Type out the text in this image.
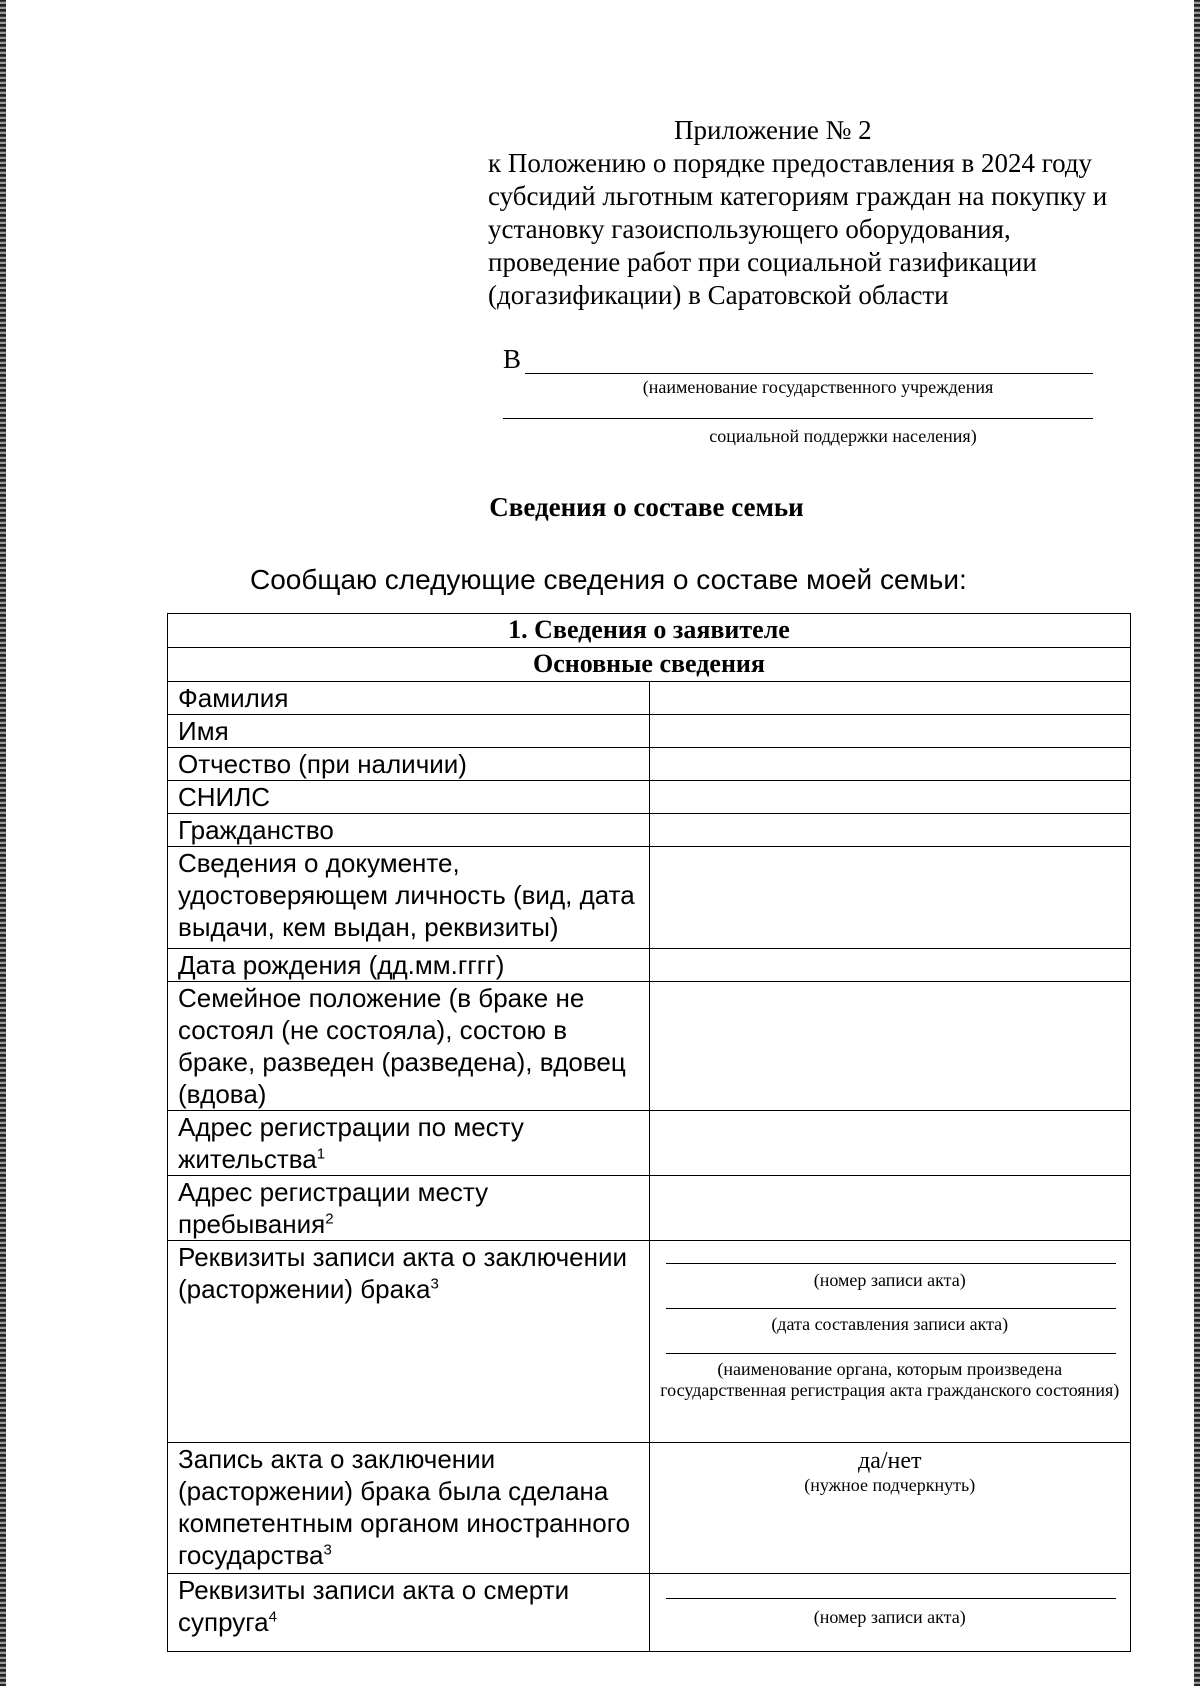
Приложение № 2

к Положению о порядке предоставления в 2024 году субсидий льготным категориям граждан на покупку и установку газоиспользующего оборудования, проведение работ при социальной газификации (догазификации) в Саратовской области

В
(наименование государственного учреждения
социальной поддержки населения)
Сведения о составе семьи
Сообщаю следующие сведения о составе моей семьи:
1. Сведения о заявителе	
Основные сведения	
Фамилия	
Имя	
Отчество (при наличии)	
СНИЛС	
Гражданство	
Сведения о документе, удостоверяющем личность (вид, дата выдачи, кем выдан, реквизиты)	
Дата рождения (дд.мм.гггг)	
Семейное положение (в браке не состоял (не состояла), состою в браке, разведен (разведена), вдовец (вдова)	
Адрес регистрации по месту жительства$^1$	
Адрес регистрации месту пребывания$^2$	
Реквизиты записи акта о заключении (расторжении) брака$^3$	(номер записи акта)
(дата составления записи акта)
(наименование органа, которым произведена государственная регистрация акта гражданского состояния)

Запись акта о заключении (расторжении) брака была сделана компетентным органом иностранного государства$^3$	да/нет
(нужное подчеркнуть)

Реквизиты записи акта о смерти супруга$^4$	(номер записи акта)
